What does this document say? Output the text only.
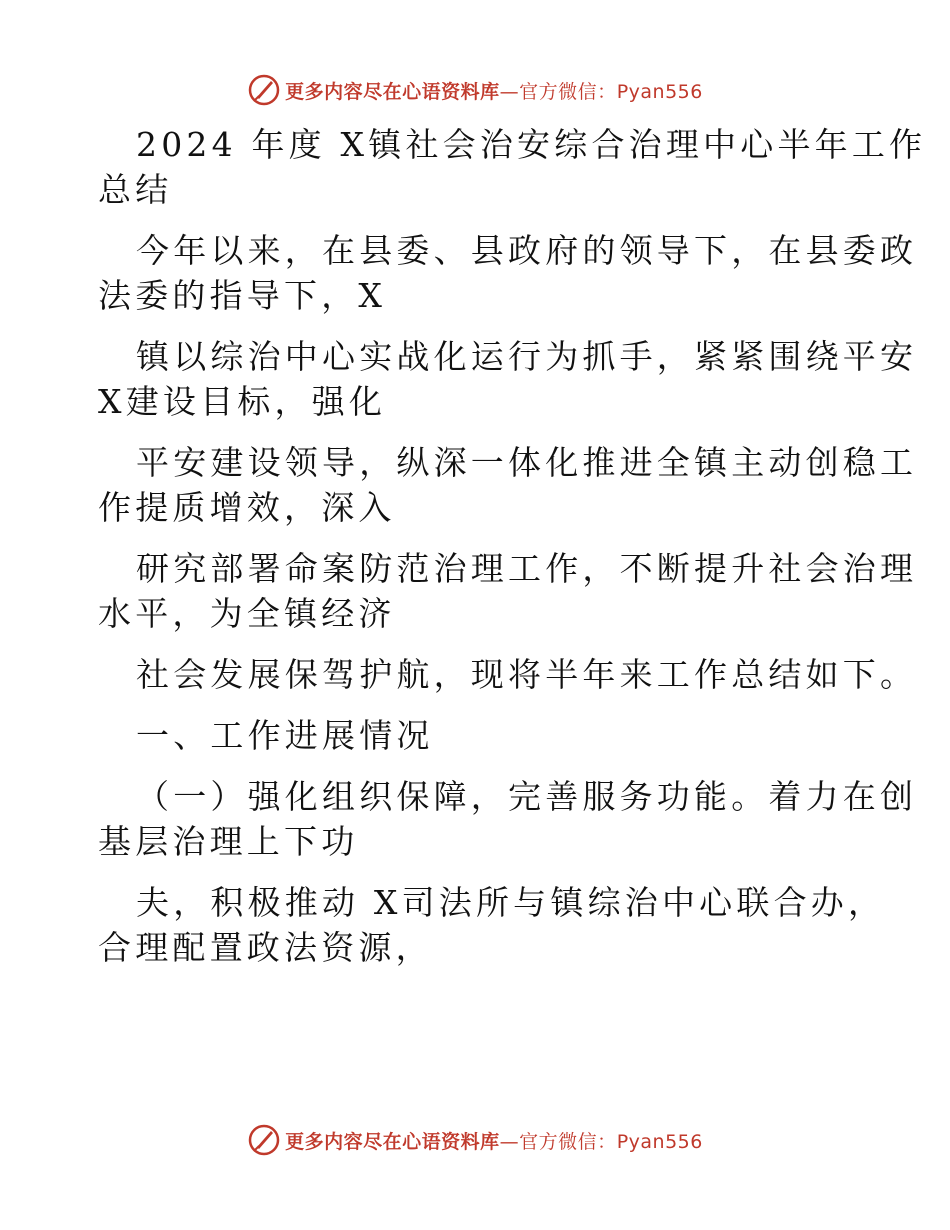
更多内容尽在心语资料库—官方微信：Pyan556
2024 年度 X镇社会治安综合治理中心半年工作
总结
今年以来，在县委、县政府的领导下，在县委政
法委的指导下，X
镇以综治中心实战化运行为抓手，紧紧围绕平安
X建设目标，强化
平安建设领导，纵深一体化推进全镇主动创稳工
作提质增效，深入
研究部署命案防范治理工作，不断提升社会治理
水平，为全镇经济
社会发展保驾护航，现将半年来工作总结如下。
一、工作进展情况
（一）强化组织保障，完善服务功能。着力在创
基层治理上下功
夫，积极推动 X司法所与镇综治中心联合办，
合理配置政法资源，
更多内容尽在心语资料库—官方微信：Pyan556
